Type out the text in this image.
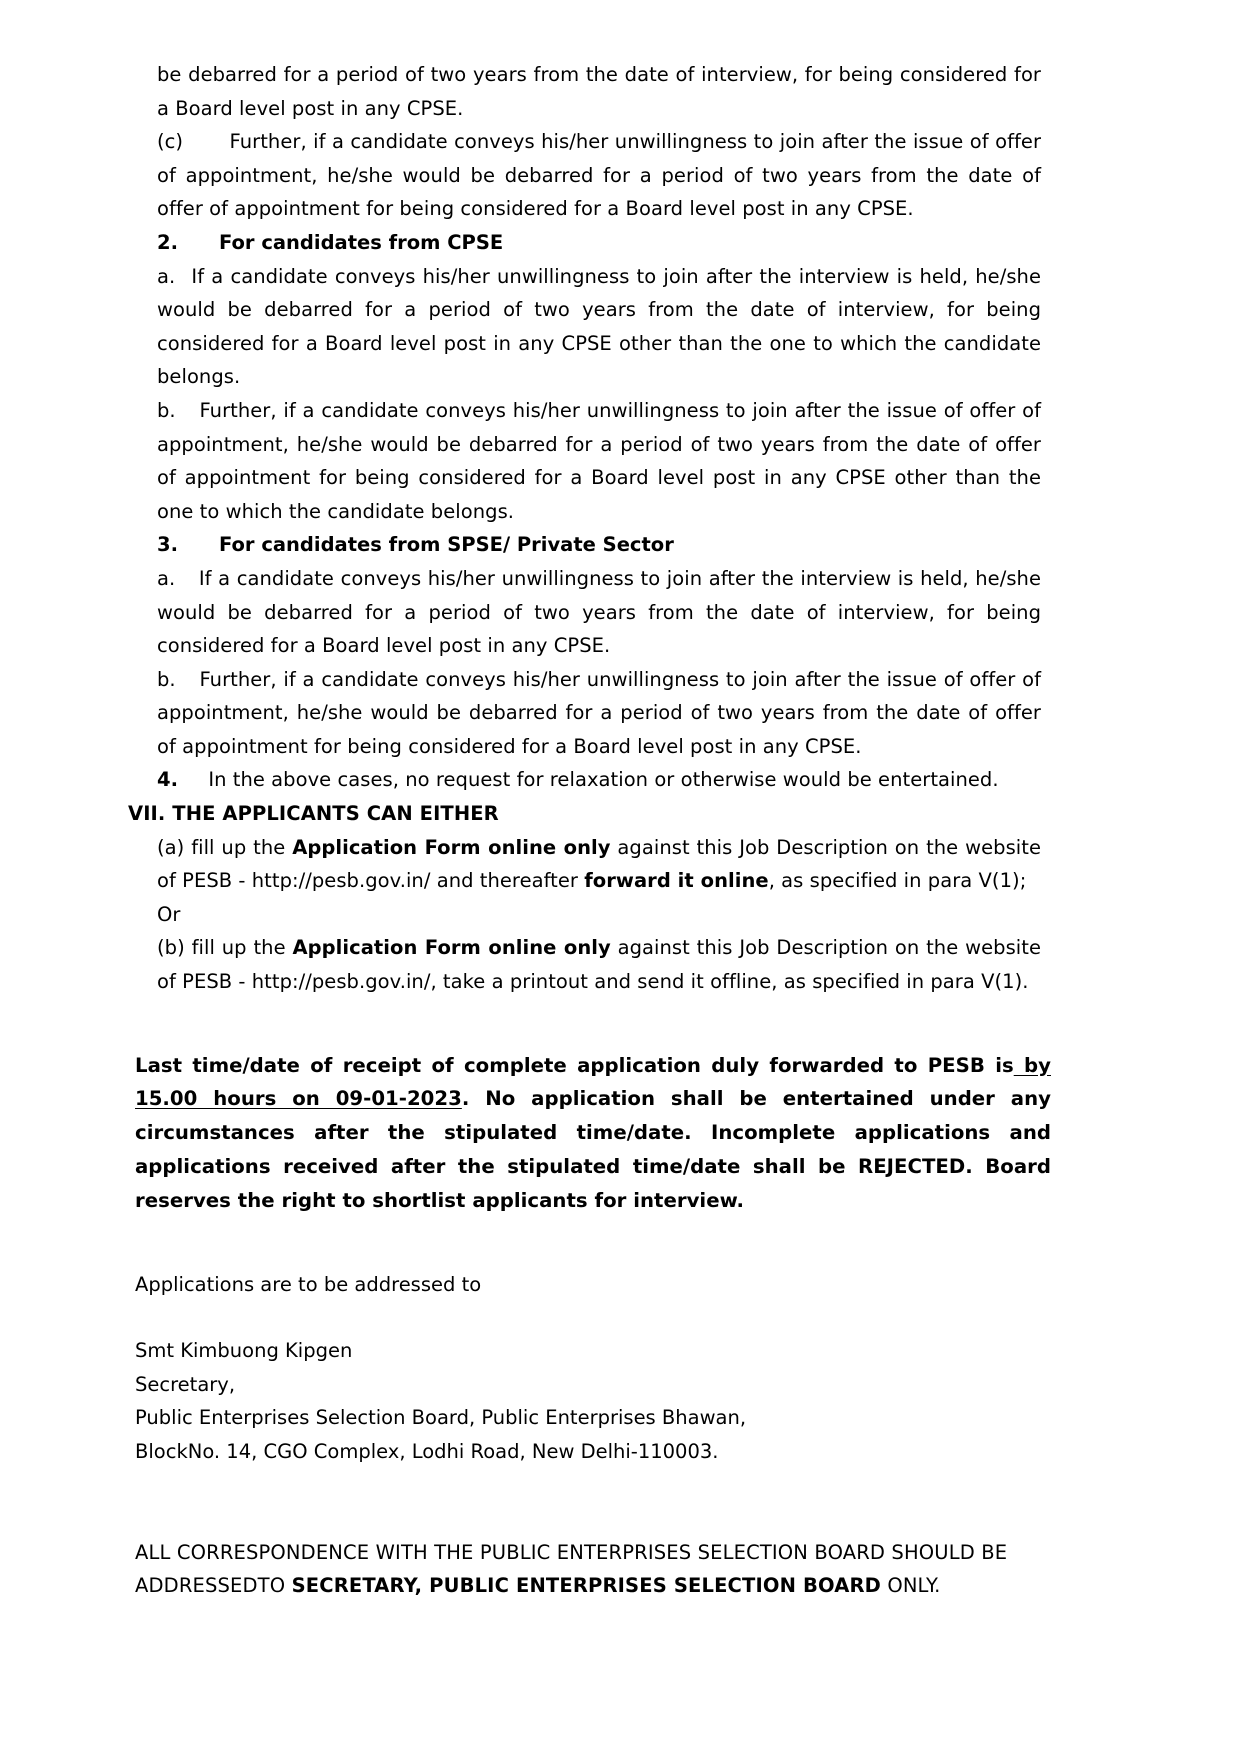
be debarred for a period of two years from the date of interview, for being considered for a Board level post in any CPSE.

(c) Further, if a candidate conveys his/her unwillingness to join after the issue of offer of appointment, he/she would be debarred for a period of two years from the date of offer of appointment for being considered for a Board level post in any CPSE.

2. For candidates from CPSE

a. If a candidate conveys his/her unwillingness to join after the interview is held, he/she would be debarred for a period of two years from the date of interview, for being considered for a Board level post in any CPSE other than the one to which the candidate belongs.

b. Further, if a candidate conveys his/her unwillingness to join after the issue of offer of appointment, he/she would be debarred for a period of two years from the date of offer of appointment for being considered for a Board level post in any CPSE other than the one to which the candidate belongs.

3. For candidates from SPSE/ Private Sector

a. If a candidate conveys his/her unwillingness to join after the interview is held, he/she would be debarred for a period of two years from the date of interview, for being considered for a Board level post in any CPSE.

b. Further, if a candidate conveys his/her unwillingness to join after the issue of offer of appointment, he/she would be debarred for a period of two years from the date of offer of appointment for being considered for a Board level post in any CPSE.

4. In the above cases, no request for relaxation or otherwise would be entertained.

VII. THE APPLICANTS CAN EITHER

(a) fill up the Application Form online only against this Job Description on the website of PESB - http://pesb.gov.in/ and thereafter forward it online, as specified in para V(1);

Or

(b) fill up the Application Form online only against this Job Description on the website of PESB - http://pesb.gov.in/, take a printout and send it offline, as specified in para V(1).

Last time/date of receipt of complete application duly forwarded to PESB is by 15.00 hours on 09-01-2023. No application shall be entertained under any circumstances after the stipulated time/date. Incomplete applications and applications received after the stipulated time/date shall be REJECTED. Board reserves the right to shortlist applicants for interview.

Applications are to be addressed to

Smt Kimbuong Kipgen

Secretary,

Public Enterprises Selection Board, Public Enterprises Bhawan,

BlockNo. 14, CGO Complex, Lodhi Road, New Delhi-110003.

ALL CORRESPONDENCE WITH THE PUBLIC ENTERPRISES SELECTION BOARD SHOULD BE ADDRESSEDTO SECRETARY, PUBLIC ENTERPRISES SELECTION BOARD ONLY.
